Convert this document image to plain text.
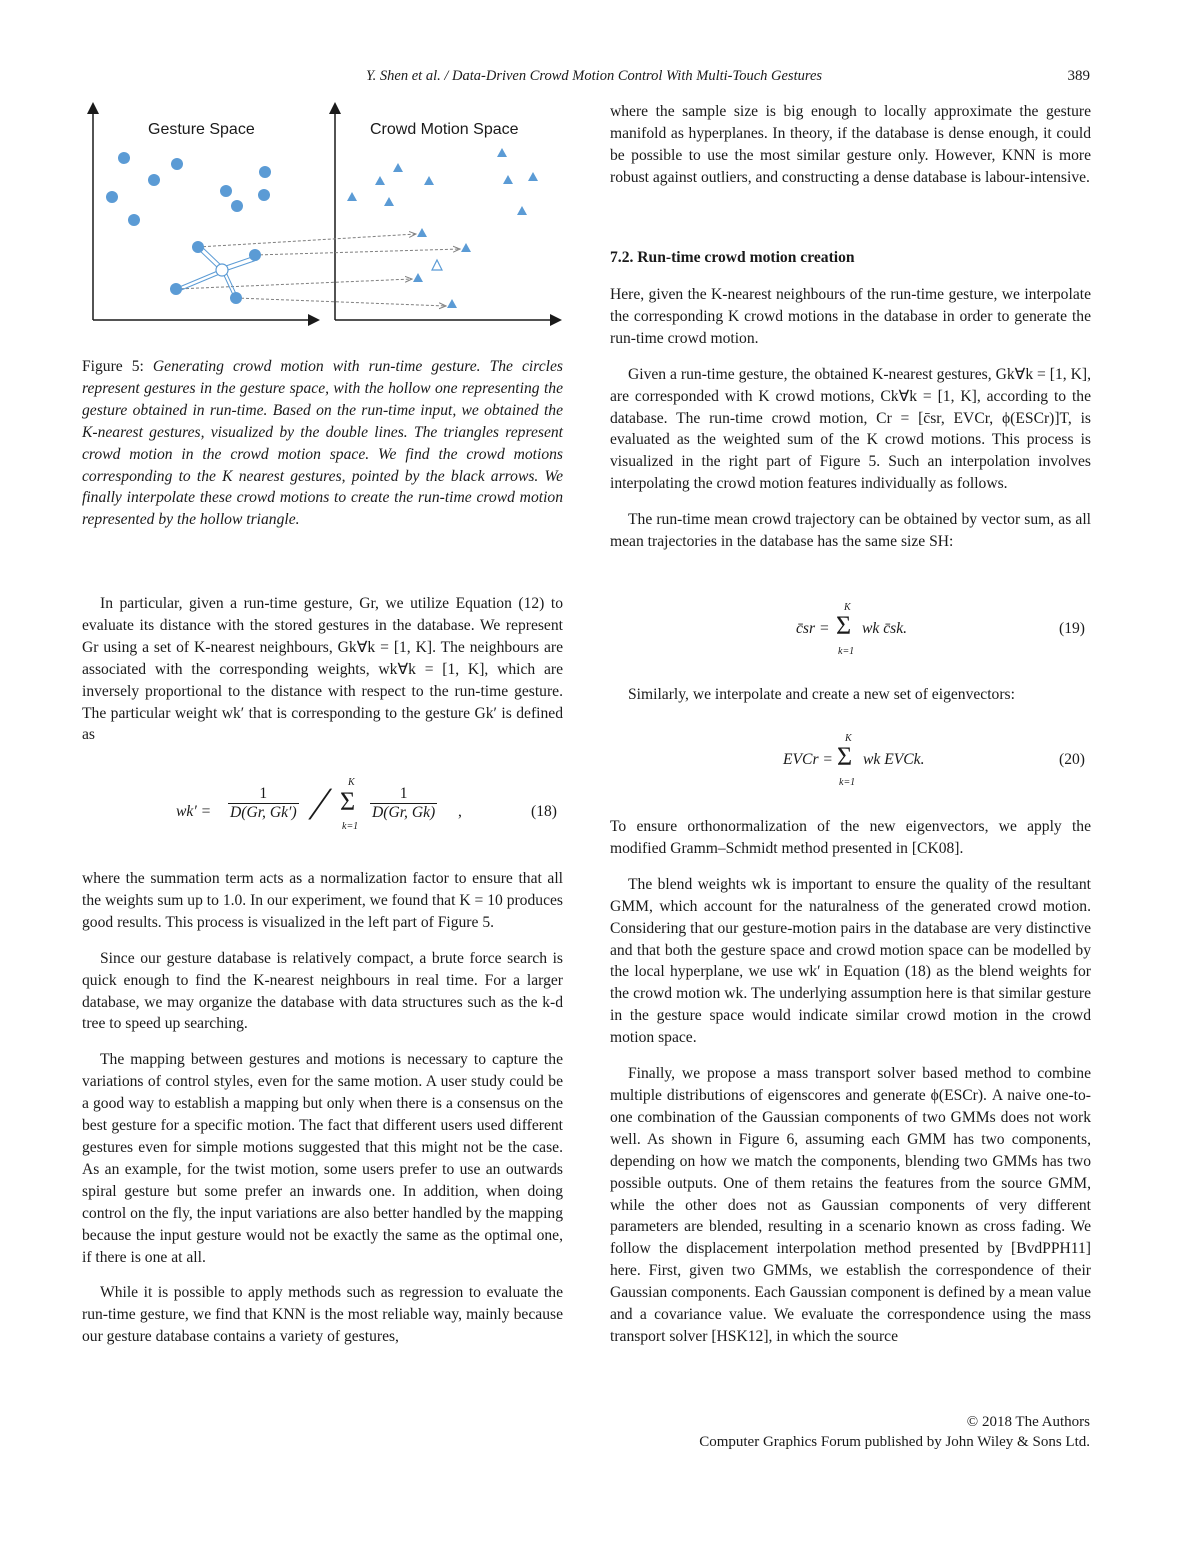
Y. Shen et al. / Data-Driven Crowd Motion Control With Multi-Touch Gestures	389
Gesture Space	Crowd Motion Space
Figure 5: Generating crowd motion with run-time gesture. The circles represent gestures in the gesture space, with the hollow one representing the gesture obtained in run-time. Based on the run-time input, we obtained the K-nearest gestures, visualized by the double lines. The triangles represent crowd motion in the crowd motion space. We find the crowd motions corresponding to the K nearest gestures, pointed by the black arrows. We finally interpolate these crowd motions to create the run-time crowd motion represented by the hollow triangle.

In particular, given a run-time gesture, Gr, we utilize Equation (12) to evaluate its distance with the stored gestures in the database. We represent Gr using a set of K-nearest neighbours, Gk∀k = [1, K]. The neighbours are associated with the corresponding weights, wk∀k = [1, K], which are inversely proportional to the distance with respect to the run-time gesture. The particular weight wk′ that is corresponding to the gesture Gk′ is defined as

$wk' = \frac{1}{D(Gr, Gk')} / K$
Σ
k=1
$\frac{1}{D(Gr, Gk)}$ ,	(18)

where the summation term acts as a normalization factor to ensure that all the weights sum up to 1.0. In our experiment, we found that K = 10 produces good results. This process is visualized in the left part of Figure 5.

Since our gesture database is relatively compact, a brute force search is quick enough to find the K-nearest neighbours in real time. For a larger database, we may organize the database with data structures such as the k-d tree to speed up searching.

The mapping between gestures and motions is necessary to capture the variations of control styles, even for the same motion. A user study could be a good way to establish a mapping but only when there is a consensus on the best gesture for a specific motion. The fact that different users used different gestures even for simple motions suggested that this might not be the case. As an example, for the twist motion, some users prefer to use an outwards spiral gesture but some prefer an inwards one. In addition, when doing control on the fly, the input variations are also better handled by the mapping because the input gesture would not be exactly the same as the optimal one, if there is one at all.

While it is possible to apply methods such as regression to evaluate the run-time gesture, we find that KNN is the most reliable way, mainly because our gesture database contains a variety of gestures,

where the sample size is big enough to locally approximate the gesture manifold as hyperplanes. In theory, if the database is dense enough, it could be possible to use the most similar gesture only. However, KNN is more robust against outliers, and constructing a dense database is labour-intensive.

7.2. Run-time crowd motion creation

Here, given the K-nearest neighbours of the run-time gesture, we interpolate the corresponding K crowd motions in the database in order to generate the run-time crowd motion.

Given a run-time gesture, the obtained K-nearest gestures, Gk∀k = [1, K], are corresponded with K crowd motions, Ck∀k = [1, K], according to the database. The run-time crowd motion, Cr = [c̄sr, EVCr, ϕ(ESCr)]T, is evaluated as the weighted sum of the K crowd motions. This process is visualized in the right part of Figure 5. Such an interpolation involves interpolating the crowd motion features individually as follows.

The run-time mean crowd trajectory can be obtained by vector sum, as all mean trajectories in the database has the same size SH:

c̄sr =
K
Σ
k=1
wk c̄sk.	(19)

Similarly, we interpolate and create a new set of eigenvectors:

EVCr =
K
Σ
k=1
wk EVCk.	(20)

To ensure orthonormalization of the new eigenvectors, we apply the modified Gramm–Schmidt method presented in [CK08].

The blend weights wk is important to ensure the quality of the resultant GMM, which account for the naturalness of the generated crowd motion. Considering that our gesture-motion pairs in the database are very distinctive and that both the gesture space and crowd motion space can be modelled by the local hyperplane, we use wk′ in Equation (18) as the blend weights for the crowd motion wk. The underlying assumption here is that similar gesture in the gesture space would indicate similar crowd motion in the crowd motion space.

Finally, we propose a mass transport solver based method to combine multiple distributions of eigenscores and generate ϕ(ESCr). A naive one-to-one combination of the Gaussian components of two GMMs does not work well. As shown in Figure 6, assuming each GMM has two components, depending on how we match the components, blending two GMMs has two possible outputs. One of them retains the features from the source GMM, while the other does not as Gaussian components of very different parameters are blended, resulting in a scenario known as cross fading. We follow the displacement interpolation method presented by [BvdPPH11] here. First, given two GMMs, we establish the correspondence of their Gaussian components. Each Gaussian component is defined by a mean value and a covariance value. We evaluate the correspondence using the mass transport solver [HSK12], in which the source

© 2018 The Authors
Computer Graphics Forum published by John Wiley & Sons Ltd.
